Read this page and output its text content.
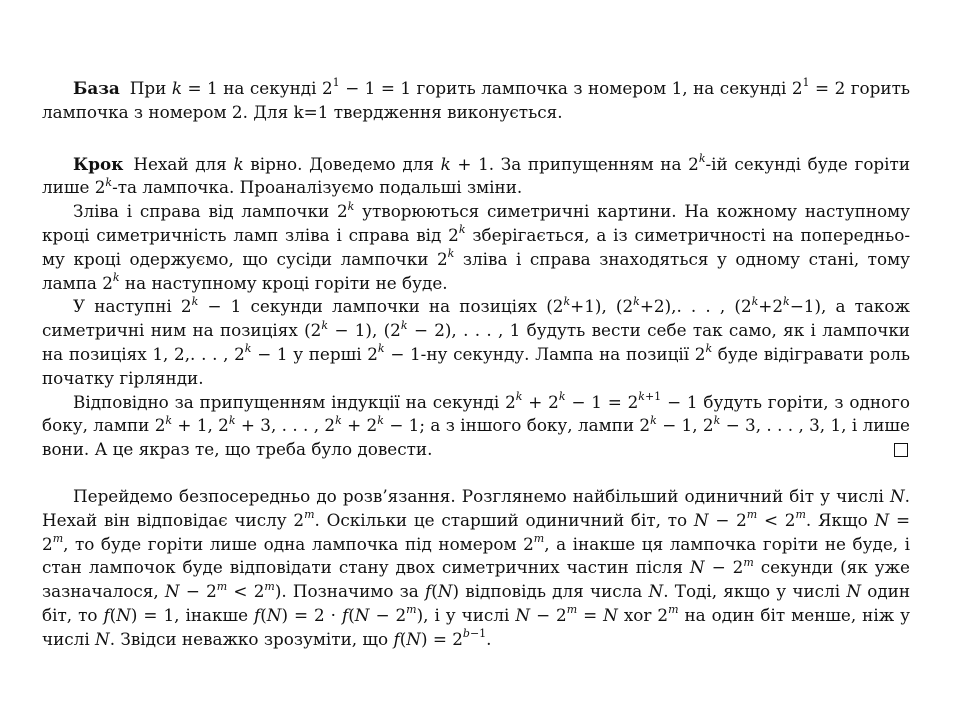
База При k = 1 на секунді $2^1 - 1 = 1$ горить лампочка з номером 1, на секунді $2^1 = 2$ горить лампочка з номером 2. Для k=1 твердження виконується.

Крок Нехай для k вірно. Доведемо для k + 1. За припущенням на 2$^k$-ій секунді буде горіти лише 2$^k$-та лампочка. Проаналізуємо подальші зміни.

Зліва і справа від лампочки 2$^k$ утворюються симетричні картини. На кожному наступному кроці симетричність ламп зліва і справа від 2$^k$ зберігається, а із симетричності на попередньо-му кроці одержуємо, що сусіди лампочки 2$^k$ зліва і справа знаходяться у одному стані, тому лампа 2$^k$ на наступному кроці горіти не буде.

У наступні $2^k - 1$ секунди лампочки на позиціях $(2^k+1)$, $(2^k+2)$,. . . , $(2^k+2^k-1)$, а також симетричні ним на позиціях $(2^k - 1)$, $(2^k - 2)$, . . . , 1 будуть вести себе так само, як і лампочки на позиціях 1, 2,. . . , $2^k - 1$ у перші $2^k - 1-ну$ секунду. Лампа на позиції 2$^k$ буде відігравати роль початку гірлянди.

Відповідно за припущенням індукції на секунді $2^k + 2^k - 1 = 2^{k+1} - 1$ будуть горіти, з одного боку, лампи $2^k + 1$, $2^k + 3$, . . . , $2^k + 2^k - 1$; а з іншого боку, лампи $2^k - 1$, $2^k - 3$, . . . , 3, 1, і лише вони. А це якраз те, що треба було довести.

Перейдемо безпосередньо до розв’язання. Розглянемо найбільший одиничний біт у числі N. Нехай він відповідає числу 2$^m$. Оскільки це старший одиничний біт, то $N - 2^m < 2^m$. Якщо $N = 2^m$, то буде горіти лише одна лампочка під номером 2$^m$, а інакше ця лампочка горіти не буде, і стан лампочок буде відповідати стану двох симетричних частин після $N - 2^m$ секунди (як уже зазначалося, $N - 2^m < 2^m$). Позначимо за f(N) відповідь для числа N. Тоді, якщо у числі N один біт, то f(N) = 1, інакше $f(N) = 2 \cdot f(N - 2^m)$, і у числі $N - 2^m = N$ xor 2$^m$ на один біт менше, ніж у числі N. Звідси неважко зрозуміти, що $f(N) = 2^{b-1}$.
